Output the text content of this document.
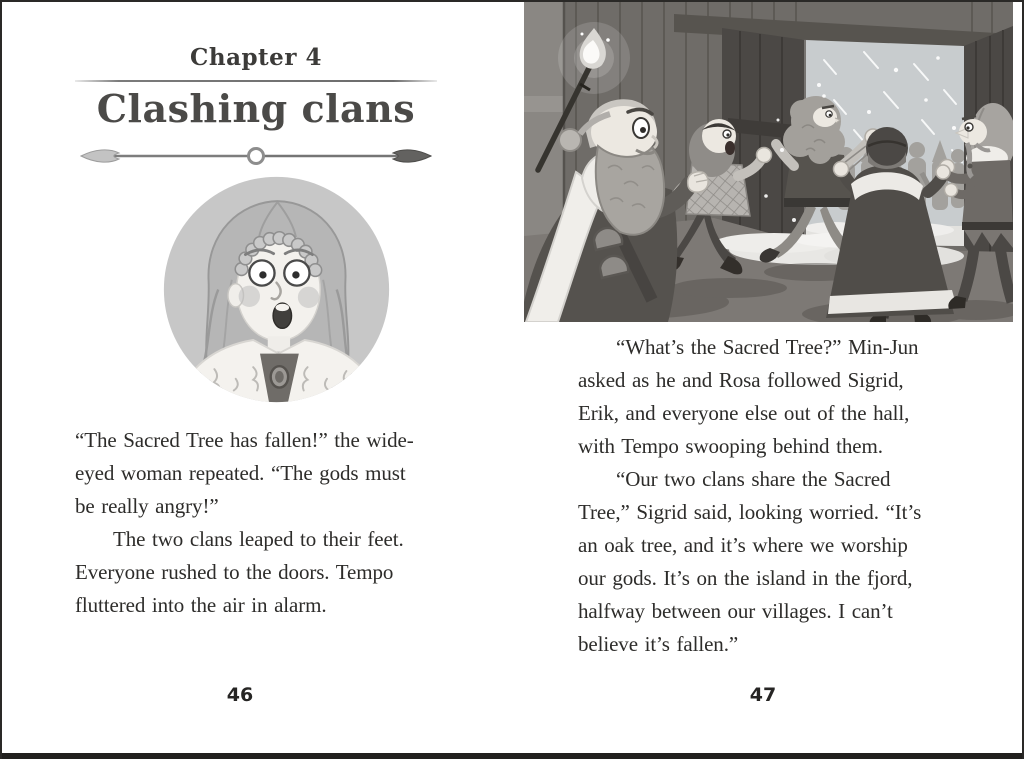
Chapter 4
Clashing clans
“The Sacred Tree has fallen!” the wide-
eyed woman repeated. “The gods must
be really angry!”
The two clans leaped to their feet.
Everyone rushed to the doors. Tempo
fluttered into the air in alarm.
46
“What’s the Sacred Tree?” Min-Jun
asked as he and Rosa followed Sigrid,
Erik, and everyone else out of the hall,
with Tempo swooping behind them.
“Our two clans share the Sacred
Tree,” Sigrid said, looking worried. “It’s
an oak tree, and it’s where we worship
our gods. It’s on the island in the fjord,
halfway between our villages. I can’t
believe it’s fallen.”
47
